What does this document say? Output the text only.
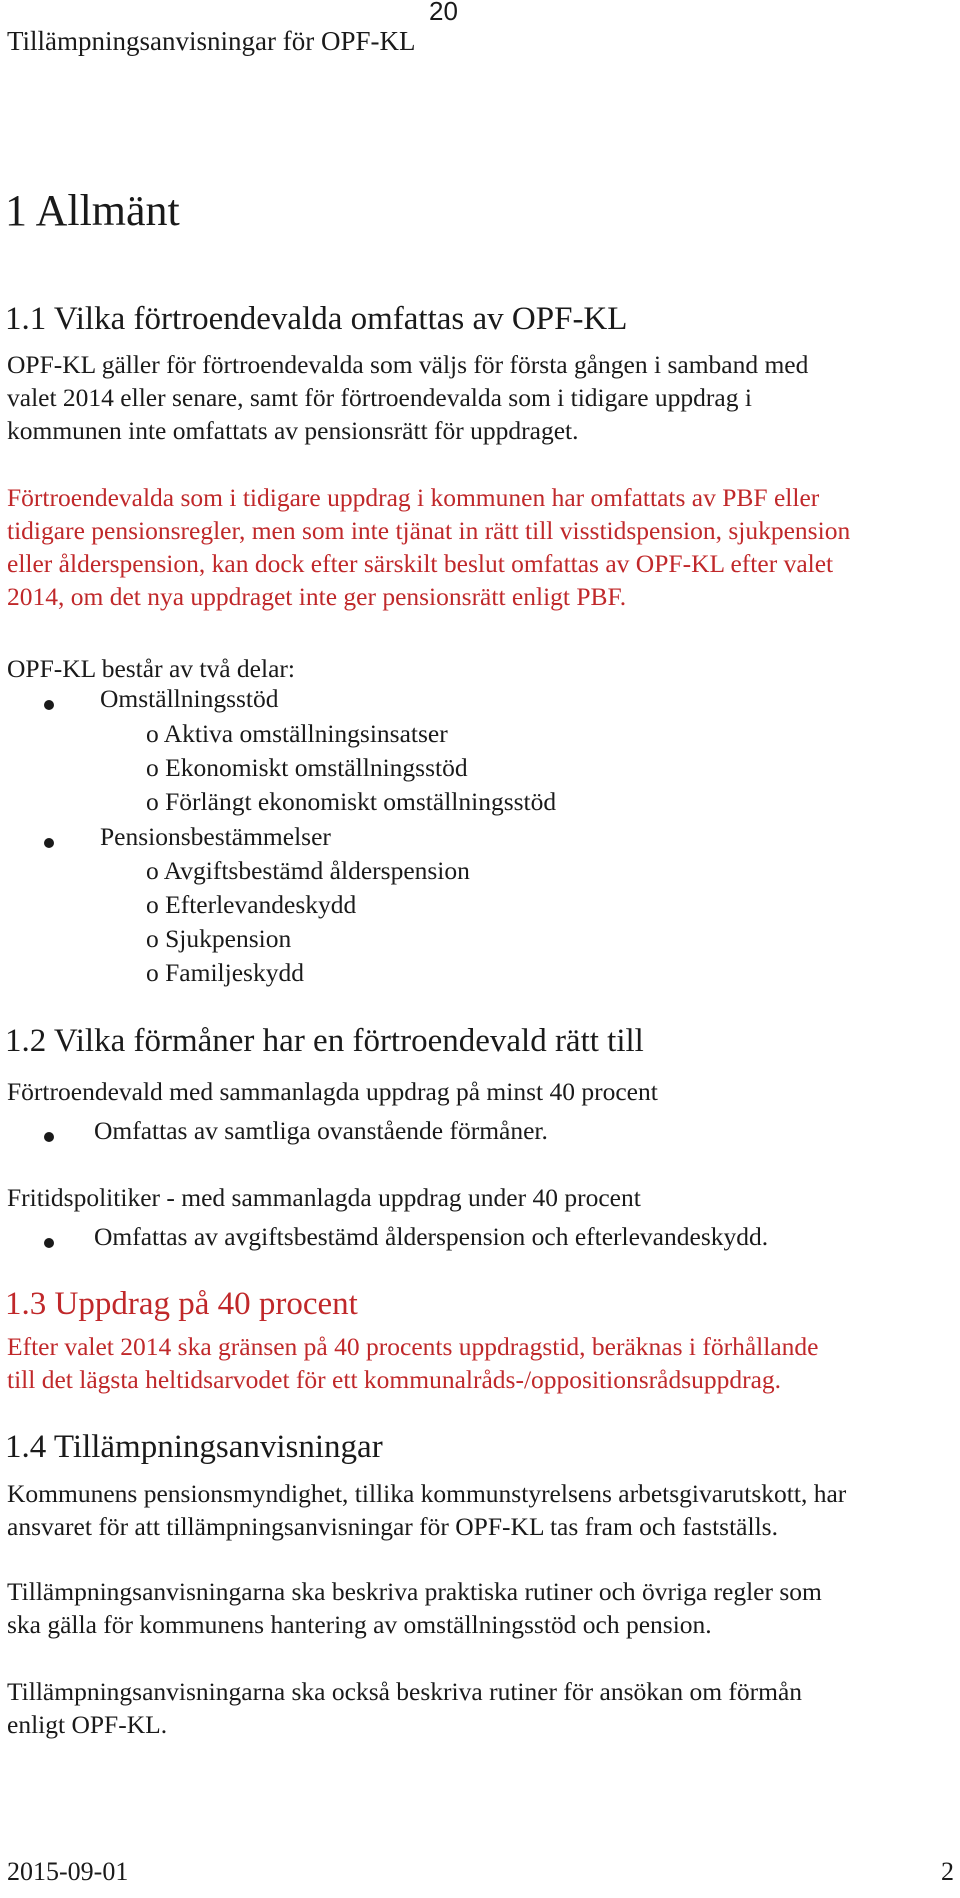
20
Tillämpningsanvisningar för OPF-KL
1 Allmänt
1.1 Vilka förtroendevalda omfattas av OPF-KL
OPF-KL gäller för förtroendevalda som väljs för första gången i samband med
valet 2014 eller senare, samt för förtroendevalda som i tidigare uppdrag i
kommunen inte omfattats av pensionsrätt för uppdraget.
Förtroendevalda som i tidigare uppdrag i kommunen har omfattats av PBF eller
tidigare pensionsregler, men som inte tjänat in rätt till visstidspension, sjukpension
eller ålderspension, kan dock efter särskilt beslut omfattas av OPF-KL efter valet
2014, om det nya uppdraget inte ger pensionsrätt enligt PBF.
OPF-KL består av två delar:
Omställningsstöd
o Aktiva omställningsinsatser
o Ekonomiskt omställningsstöd
o Förlängt ekonomiskt omställningsstöd
Pensionsbestämmelser
o Avgiftsbestämd ålderspension
o Efterlevandeskydd
o Sjukpension
o Familjeskydd
1.2 Vilka förmåner har en förtroendevald rätt till
Förtroendevald med sammanlagda uppdrag på minst 40 procent
Omfattas av samtliga ovanstående förmåner.
Fritidspolitiker - med sammanlagda uppdrag under 40 procent
Omfattas av avgiftsbestämd ålderspension och efterlevandeskydd.
1.3 Uppdrag på 40 procent
Efter valet 2014 ska gränsen på 40 procents uppdragstid, beräknas i förhållande
till det lägsta heltidsarvodet för ett kommunalråds-/oppositionsrådsuppdrag.
1.4 Tillämpningsanvisningar
Kommunens pensionsmyndighet, tillika kommunstyrelsens arbetsgivarutskott, har
ansvaret för att tillämpningsanvisningar för OPF-KL tas fram och fastställs.
Tillämpningsanvisningarna ska beskriva praktiska rutiner och övriga regler som
ska gälla för kommunens hantering av omställningsstöd och pension.
Tillämpningsanvisningarna ska också beskriva rutiner för ansökan om förmån
enligt OPF-KL.
2015-09-01	2
